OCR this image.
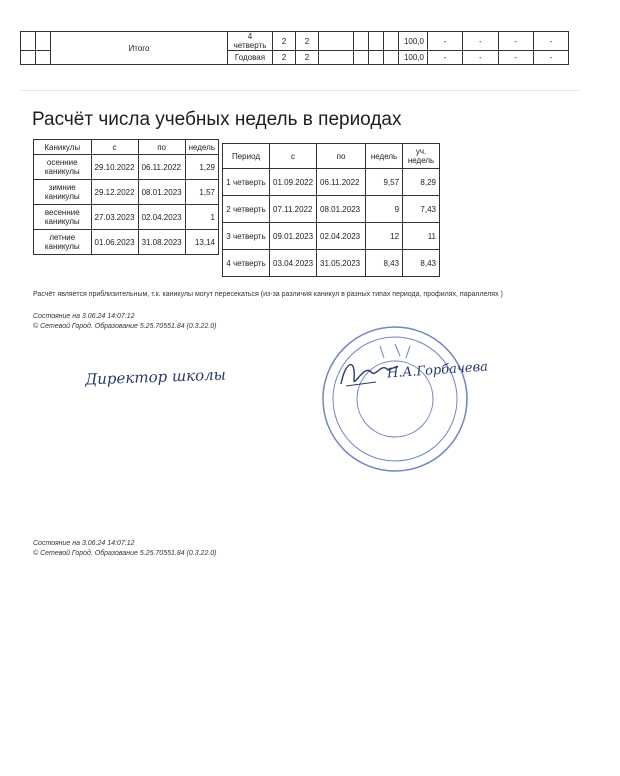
		Итого	4 четверть	2	2					100,0	-	-	-	-
			Годовая	2	2					100,0	-	-	-	-
Расчёт числа учебных недель в периодах
Каникулы	с	по	недель
осенние каникулы	29.10.2022	06.11.2022	1,29
зимние каникулы	29.12.2022	08.01.2023	1,57
весенние каникулы	27.03.2023	02.04.2023	1
летние каникулы	01.06.2023	31.08.2023	13,14
Период	с	по	недель	уч. недель
1 четверть	01.09.2022	06.11.2022	9,57	8,29
2 четверть	07.11.2022	08.01.2023	9	7,43
3 четверть	09.01.2023	02.04.2023	12	11
4 четверть	03.04.2023	31.05.2023	8,43	8,43
Расчёт является приблизительным, т.к. каникулы могут пересекаться (из-за различия каникул в разных типах периода, профилях, параллелях )
Состояние на 3.06.24 14:07:12
© Сетевой Город. Образование 5.25.70551.84 (0.3.22.0)
Директор школы	Н.А.Горбачева
Состояние на 3.06.24 14:07:12
© Сетевой Город. Образование 5.25.70551.84 (0.3.22.0)
